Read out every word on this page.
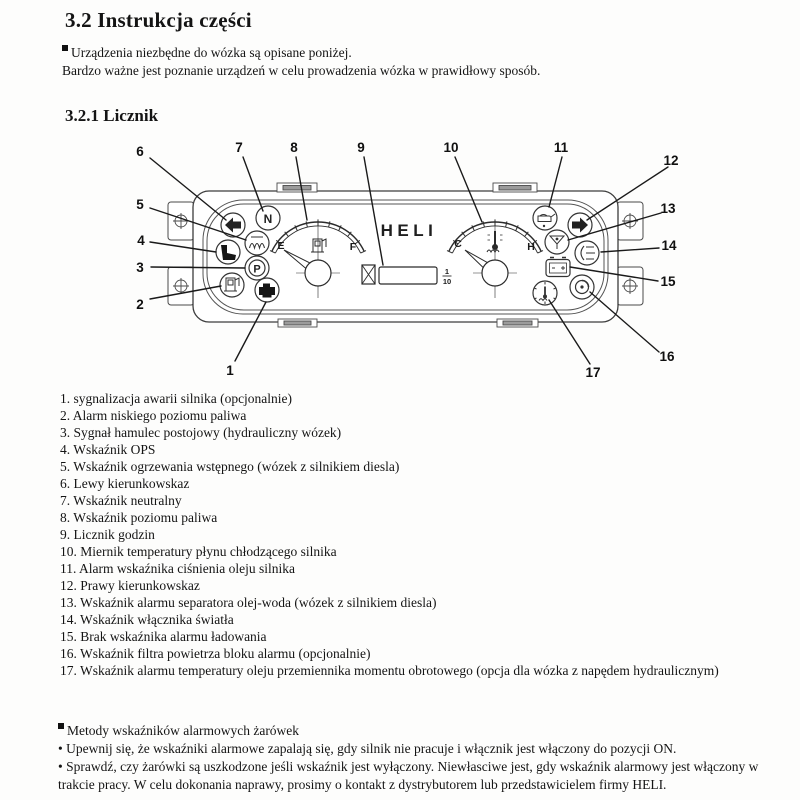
3.2 Instrukcja części
Urządzenia niezbędne do wózka są opisane poniżej.
Bardzo ważne jest poznanie urządzeń w celu prowadzenia wózka w prawidłowy sposób.
3.2.1 Licznik
E	F	C	H
HELI
1
10
N
P
1
2
3
4
5
6	7	8	9	10	11
12
13
14
15
16
17
1. sygnalizacja awarii silnika (opcjonalnie)
2. Alarm niskiego poziomu paliwa
3. Sygnał hamulec postojowy (hydrauliczny wózek)
4. Wskaźnik OPS
5. Wskaźnik ogrzewania wstępnego (wózek z silnikiem diesla)
6. Lewy kierunkowskaz
7. Wskaźnik neutralny
8. Wskaźnik poziomu paliwa
9. Licznik godzin
10. Miernik temperatury płynu chłodzącego silnika
11. Alarm wskaźnika ciśnienia oleju silnika
12. Prawy kierunkowskaz
13. Wskaźnik alarmu separatora olej-woda (wózek z silnikiem diesla)
14. Wskaźnik włącznika światła
15. Brak wskaźnika alarmu ładowania
16. Wskaźnik filtra powietrza bloku alarmu (opcjonalnie)
17. Wskaźnik alarmu temperatury oleju przemiennika momentu obrotowego (opcja dla wózka z napędem hydraulicznym)

Metody wskaźników alarmowych żarówek

• Upewnij się, że wskaźniki alarmowe zapalają się, gdy silnik nie pracuje i włącznik jest włączony do pozycji ON.

• Sprawdź, czy żarówki są uszkodzone jeśli wskaźnik jest wyłączony. Niewłasciwe jest, gdy wskaźnik alarmowy jest włączony w trakcie pracy. W celu dokonania naprawy, prosimy o kontakt z dystrybutorem lub przedstawicielem firmy HELI.
